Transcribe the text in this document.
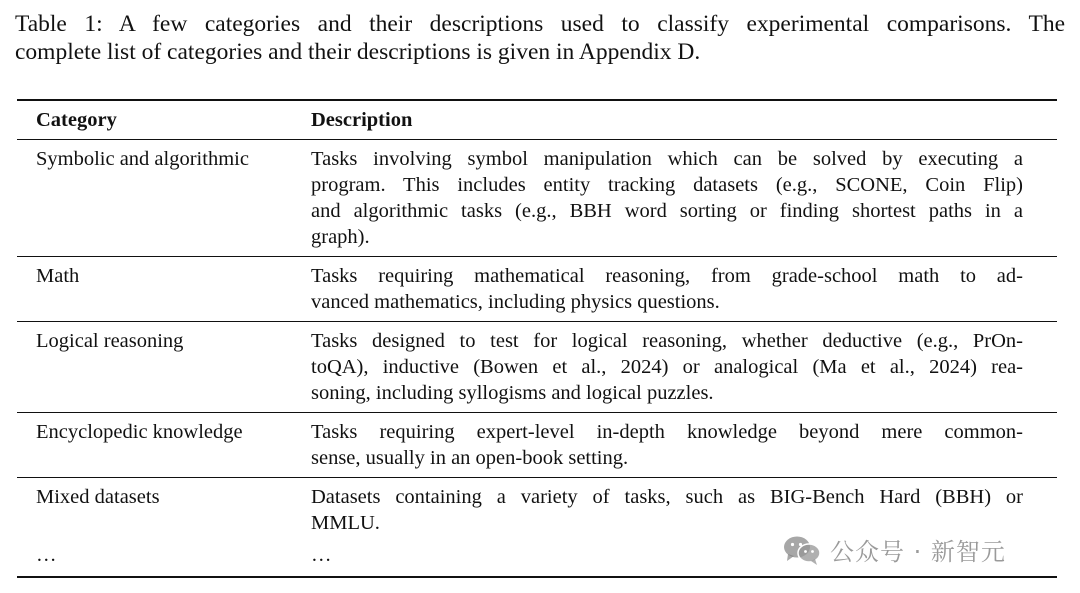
Table 1: A few categories and their descriptions used to classify experimental comparisons. The
complete list of categories and their descriptions is given in Appendix D.
Category	Description
Symbolic and algorithmic	Tasks involving symbol manipulation which can be solved by executing a
program. This includes entity tracking datasets (e.g., SCONE, Coin Flip)
and algorithmic tasks (e.g., BBH word sorting or finding shortest paths in a
graph).
Math	Tasks requiring mathematical reasoning, from grade-school math to ad-
vanced mathematics, including physics questions.
Logical reasoning	Tasks designed to test for logical reasoning, whether deductive (e.g., PrOn-
toQA), inductive (Bowen et al., 2024) or analogical (Ma et al., 2024) rea-
soning, including syllogisms and logical puzzles.
Encyclopedic knowledge	Tasks requiring expert-level in-depth knowledge beyond mere common-
sense, usually in an open-book setting.
Mixed datasets	Datasets containing a variety of tasks, such as BIG-Bench Hard (BBH) or
MMLU.
…	…	公众号 · 新智元
